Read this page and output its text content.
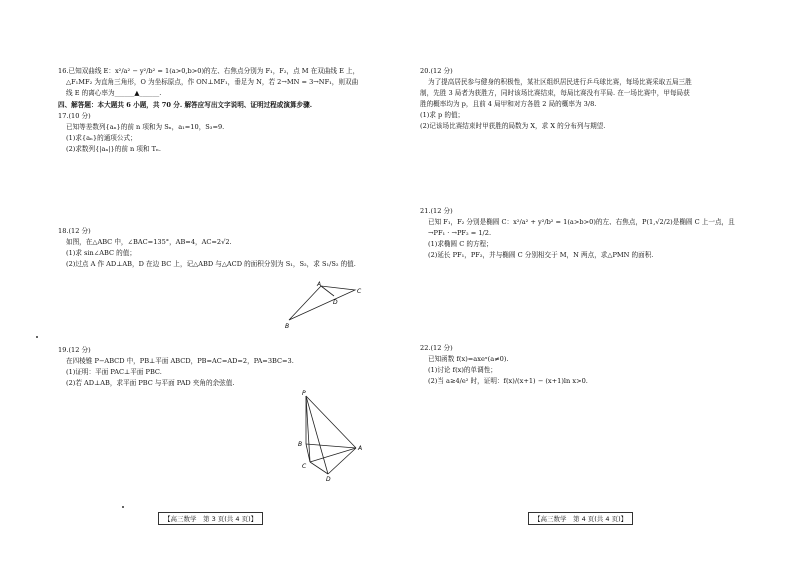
16.已知双曲线 E：x²/a² − y²/b² = 1(a>0,b>0)的左、右焦点分别为 F₁，F₂，点 M 在双曲线 E 上，
△F₁MF₂ 为直角三角形，O 为坐标原点，作 ON⊥MF₁，垂足为 N，若 2→MN = 3→NF₁，则双曲
线 E 的离心率为______▲______.
四、解答题：本大题共 6 小题，共 70 分. 解答应写出文字说明、证明过程或演算步骤.
17.(10 分)
已知等差数列{aₙ}的前 n 项和为 Sₙ，a₁=10，S₃=9.
(1)求{aₙ}的通项公式；
(2)求数列{|aₙ|}的前 n 项和 Tₙ.
18.(12 分)
如图，在△ABC 中，∠BAC=135°，AB=4，AC=2√2.
(1)求 sin∠ABC 的值；
(2)过点 A 作 AD⊥AB，D 在边 BC 上，记△ABD 与△ACD 的面积分别为 S₁，S₂，求 S₁/S₂ 的值.
A
B
C
D
19.(12 分)
在四棱锥 P−ABCD 中，PB⊥平面 ABCD，PB=AC=AD=2，PA=3BC=3.
(1)证明：平面 PAC⊥平面 PBC.
(2)若 AD⊥AB，求平面 PBC 与平面 PAD 夹角的余弦值.
P
B
A
C
D
【高三数学　第 3 页(共 4 页)】
20.(12 分)
为了提高居民参与健身的积极性，某社区组织居民进行乒乓球比赛，每场比赛采取五局三胜
制，先胜 3 局者为获胜方，同时该场比赛结束，每局比赛没有平局. 在一场比赛中，甲每局获
胜的概率均为 p，且前 4 局甲和对方各胜 2 局的概率为 3/8.
(1)求 p 的值；
(2)记该场比赛结束时甲获胜的局数为 X，求 X 的分布列与期望.
21.(12 分)
已知 F₁，F₂ 分别是椭圆 C：x²/a² + y²/b² = 1(a>b>0)的左、右焦点，P(1,√2/2)是椭圆 C 上一点，且
→PF₁ · →PF₂ = 1/2.
(1)求椭圆 C 的方程；
(2)延长 PF₁，PF₂，并与椭圆 C 分别相交于 M，N 两点，求△PMN 的面积.
22.(12 分)
已知函数 f(x)=axeˣ(a≠0).
(1)讨论 f(x)的单调性；
(2)当 a≥4/e² 时，证明：f(x)/(x+1) − (x+1)ln x>0.
【高三数学　第 4 页(共 4 页)】
